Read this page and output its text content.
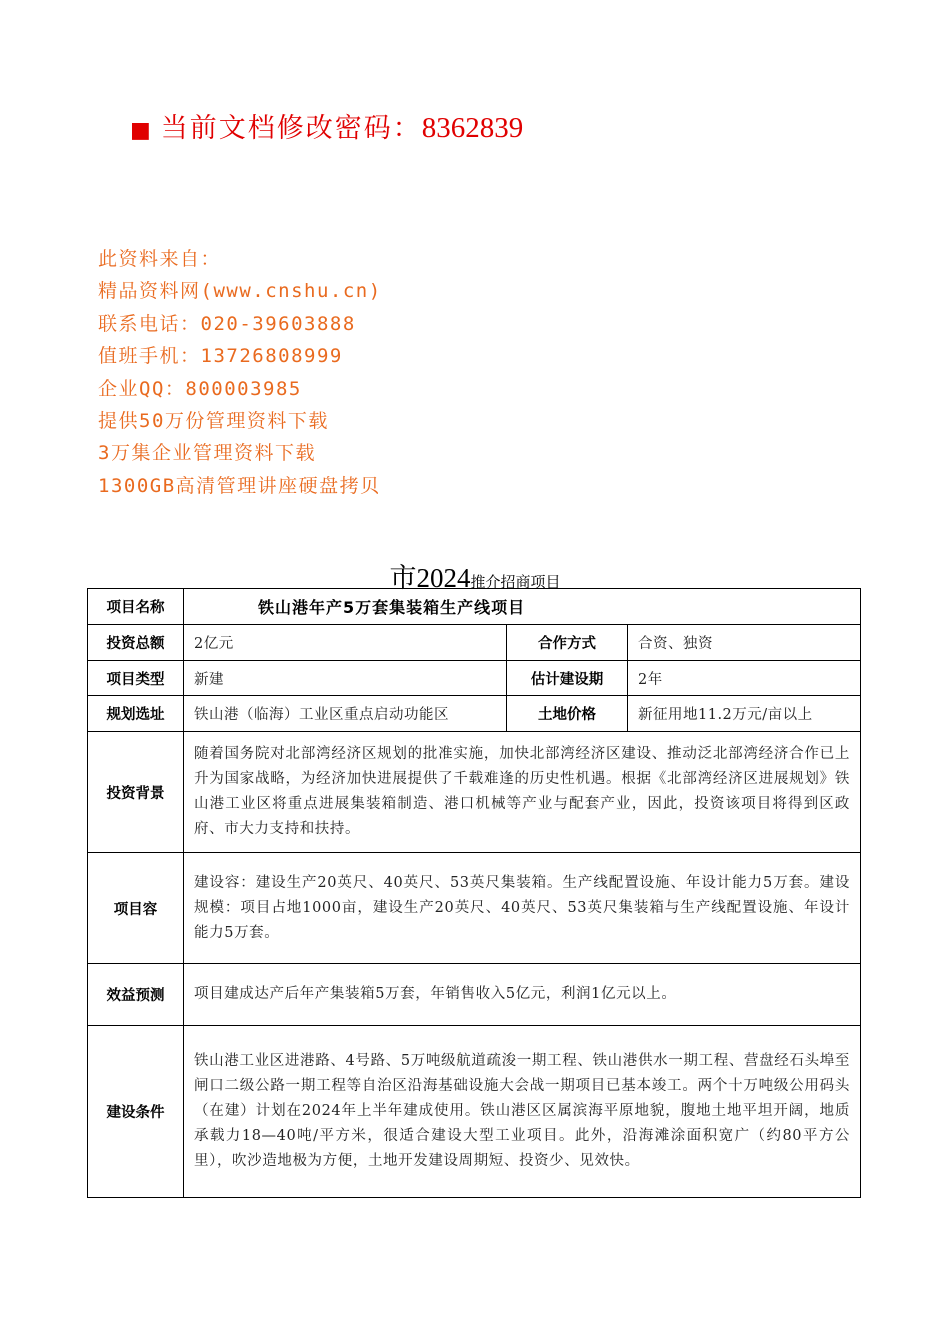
■ 当前文档修改密码：8362839
此资料来自：
精品资料网(www.cnshu.cn)
联系电话：020-39603888
值班手机：13726808999
企业QQ：800003985
提供50万份管理资料下载
3万集企业管理资料下载
1300GB高清管理讲座硬盘拷贝
市2024推介招商项目
项目名称	铁山港年产5万套集装箱生产线项目		
投资总额	2亿元	合作方式	合资、独资
项目类型	新建	估计建设期	2年
规划选址	铁山港（临海）工业区重点启动功能区	土地价格	新征用地11.2万元/亩以上
投资背景	随着国务院对北部湾经济区规划的批准实施，加快北部湾经济区建设、推动泛北部湾经济合作已上升为国家战略，为经济加快进展提供了千载难逢的历史性机遇。根据《北部湾经济区进展规划》铁山港工业区将重点进展集装箱制造、港口机械等产业与配套产业，因此，投资该项目将得到区政府、市大力支持和扶持。		
项目容	建设容：建设生产20英尺、40英尺、53英尺集装箱。生产线配置设施、年设计能力5万套。建设规模：项目占地1000亩，建设生产20英尺、40英尺、53英尺集装箱与生产线配置设施、年设计能力5万套。		
效益预测	项目建成达产后年产集装箱5万套，年销售收入5亿元，利润1亿元以上。		
建设条件	铁山港工业区进港路、4号路、5万吨级航道疏浚一期工程、铁山港供水一期工程、营盘经石头埠至闸口二级公路一期工程等自治区沿海基础设施大会战一期项目已基本竣工。两个十万吨级公用码头（在建）计划在2024年上半年建成使用。铁山港区区属滨海平原地貌，腹地土地平坦开阔，地质承载力18—40吨/平方米，很适合建设大型工业项目。此外，沿海滩涂面积宽广（约80平方公里），吹沙造地极为方便，土地开发建设周期短、投资少、见效快。		
